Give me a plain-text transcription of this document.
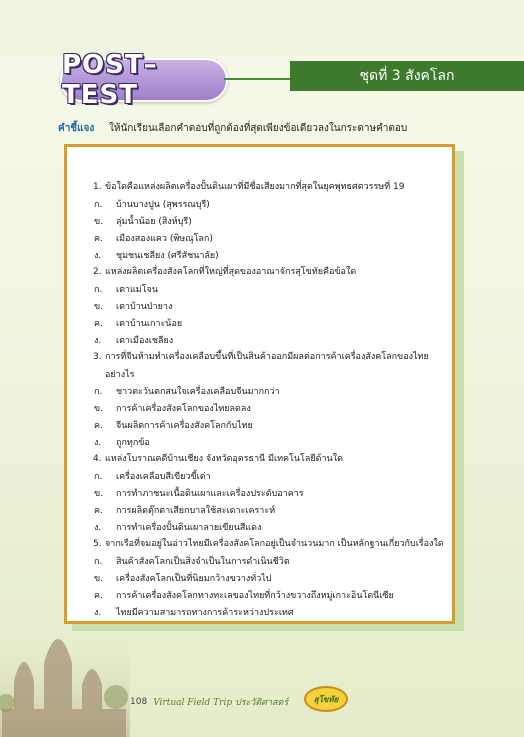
POST–TEST
ชุดที่ 3 สังคโลก
คำชี้แจง ให้นักเรียนเลือกคำตอบที่ถูกต้องที่สุดเพียงข้อเดียวลงในกระดาษคำตอบ
1. ข้อใดคือแหล่งผลิตเครื่องปั้นดินเผาที่มีชื่อเสียงมากที่สุดในยุคพุทธศตวรรษที่ 19
ก. บ้านบางปูน (สุพรรณบุรี)
ข. ลุ่มน้ำน้อย (สิงห์บุรี)
ค. เมืองสองแคว (พิษณุโลก)
ง. ชุมชนเชลียง (ศรีสัชนาลัย)
2. แหล่งผลิตเครื่องสังคโลกที่ใหญ่ที่สุดของอาณาจักรสุโขทัยคือข้อใด
ก. เตาแม่โจน
ข. เตาบ้านป่ายาง
ค. เตาบ้านเกาะน้อย
ง. เตาเมืองเชลียง
3. การที่จีนห้ามทำเครื่องเคลือบขึ้นที่เป็นสินค้าออกมีผลต่อการค้าเครื่องสังคโลกของไทย
อย่างไร
ก. ชาวตะวันตกสนใจเครื่องเคลือบจีนมากกว่า
ข. การค้าเครื่องสังคโลกของไทยลดลง
ค. จีนผลิตการค้าเครื่องสังคโลกกับไทย
ง. ถูกทุกข้อ
4. แหล่งโบราณคดีบ้านเชียง จังหวัดอุดรธานี มีเทคโนโลยีด้านใด
ก. เครื่องเคลือบสีเขียวขี้เต่า
ข. การทำภาชนะเนื้อดินเผาและเครื่องประดับอาคาร
ค. การผลิตตุ๊กตาเสียกบาลใช้สะเดาะเคราะห์
ง. การทำเครื่องปั้นดินเผาลายเขียนสีแดง
5. จากเรือที่จมอยู่ในอ่าวไทยมีเครื่องสังคโลกอยู่เป็นจำนวนมาก เป็นหลักฐานเกี่ยวกับเรื่องใด
ก. สินค้าสังคโลกเป็นสิ่งจำเป็นในการดำเนินชีวิต
ข. เครื่องสังคโลกเป็นที่นิยมกว้างขวางทั่วไป
ค. การค้าเครื่องสังคโลกทางทะเลของไทยที่กว้างขวางถึงหมู่เกาะอินโดนีเซีย
ง. ไทยมีความสามารถทางการค้าระหว่างประเทศ
108 Virtual Field Trip ประวัติศาสตร์	สุโขทัย
